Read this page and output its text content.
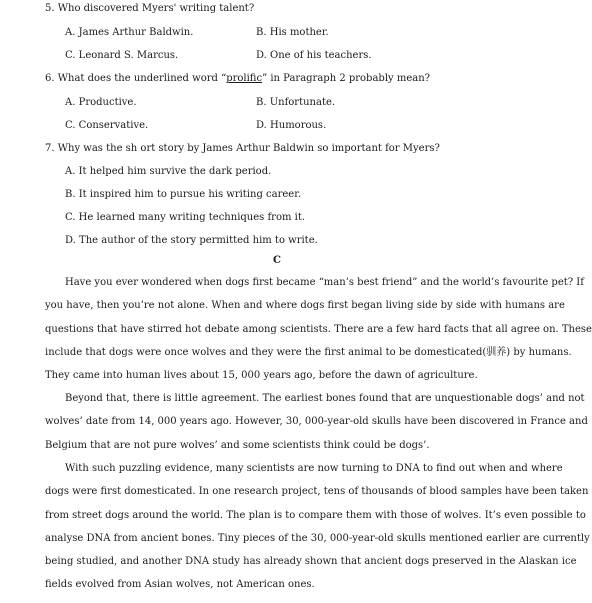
5. Who discovered Myers' writing talent?
A. James Arthur Baldwin.	B. His mother.
C. Leonard S. Marcus.	D. One of his teachers.
6. What does the underlined word “prolific” in Paragraph 2 probably mean?
A. Productive.	B. Unfortunate.
C. Conservative.	D. Humorous.
7. Why was the sh ort story by James Arthur Baldwin so important for Myers?
A. It helped him survive the dark period.
B. It inspired him to pursue his writing career.
C. He learned many writing techniques from it.
D. The author of the story permitted him to write.
C
Have you ever wondered when dogs first became “man’s best friend” and the world’s favourite pet? If
you have, then you’re not alone. When and where dogs first began living side by side with humans are
questions that have stirred hot debate among scientists. There are a few hard facts that all agree on. These
include that dogs were once wolves and they were the first animal to be domesticated(驯养) by humans.
They came into human lives about 15, 000 years ago, before the dawn of agriculture.
Beyond that, there is little agreement. The earliest bones found that are unquestionable dogs’ and not
wolves’ date from 14, 000 years ago. However, 30, 000-year-old skulls have been discovered in France and
Belgium that are not pure wolves’ and some scientists think could be dogs’.
With such puzzling evidence, many scientists are now turning to DNA to find out when and where
dogs were first domesticated. In one research project, tens of thousands of blood samples have been taken
from street dogs around the world. The plan is to compare them with those of wolves. It’s even possible to
analyse DNA from ancient bones. Tiny pieces of the 30, 000-year-old skulls mentioned earlier are currently
being studied, and another DNA study has already shown that ancient dogs preserved in the Alaskan ice
fields evolved from Asian wolves, not American ones.
